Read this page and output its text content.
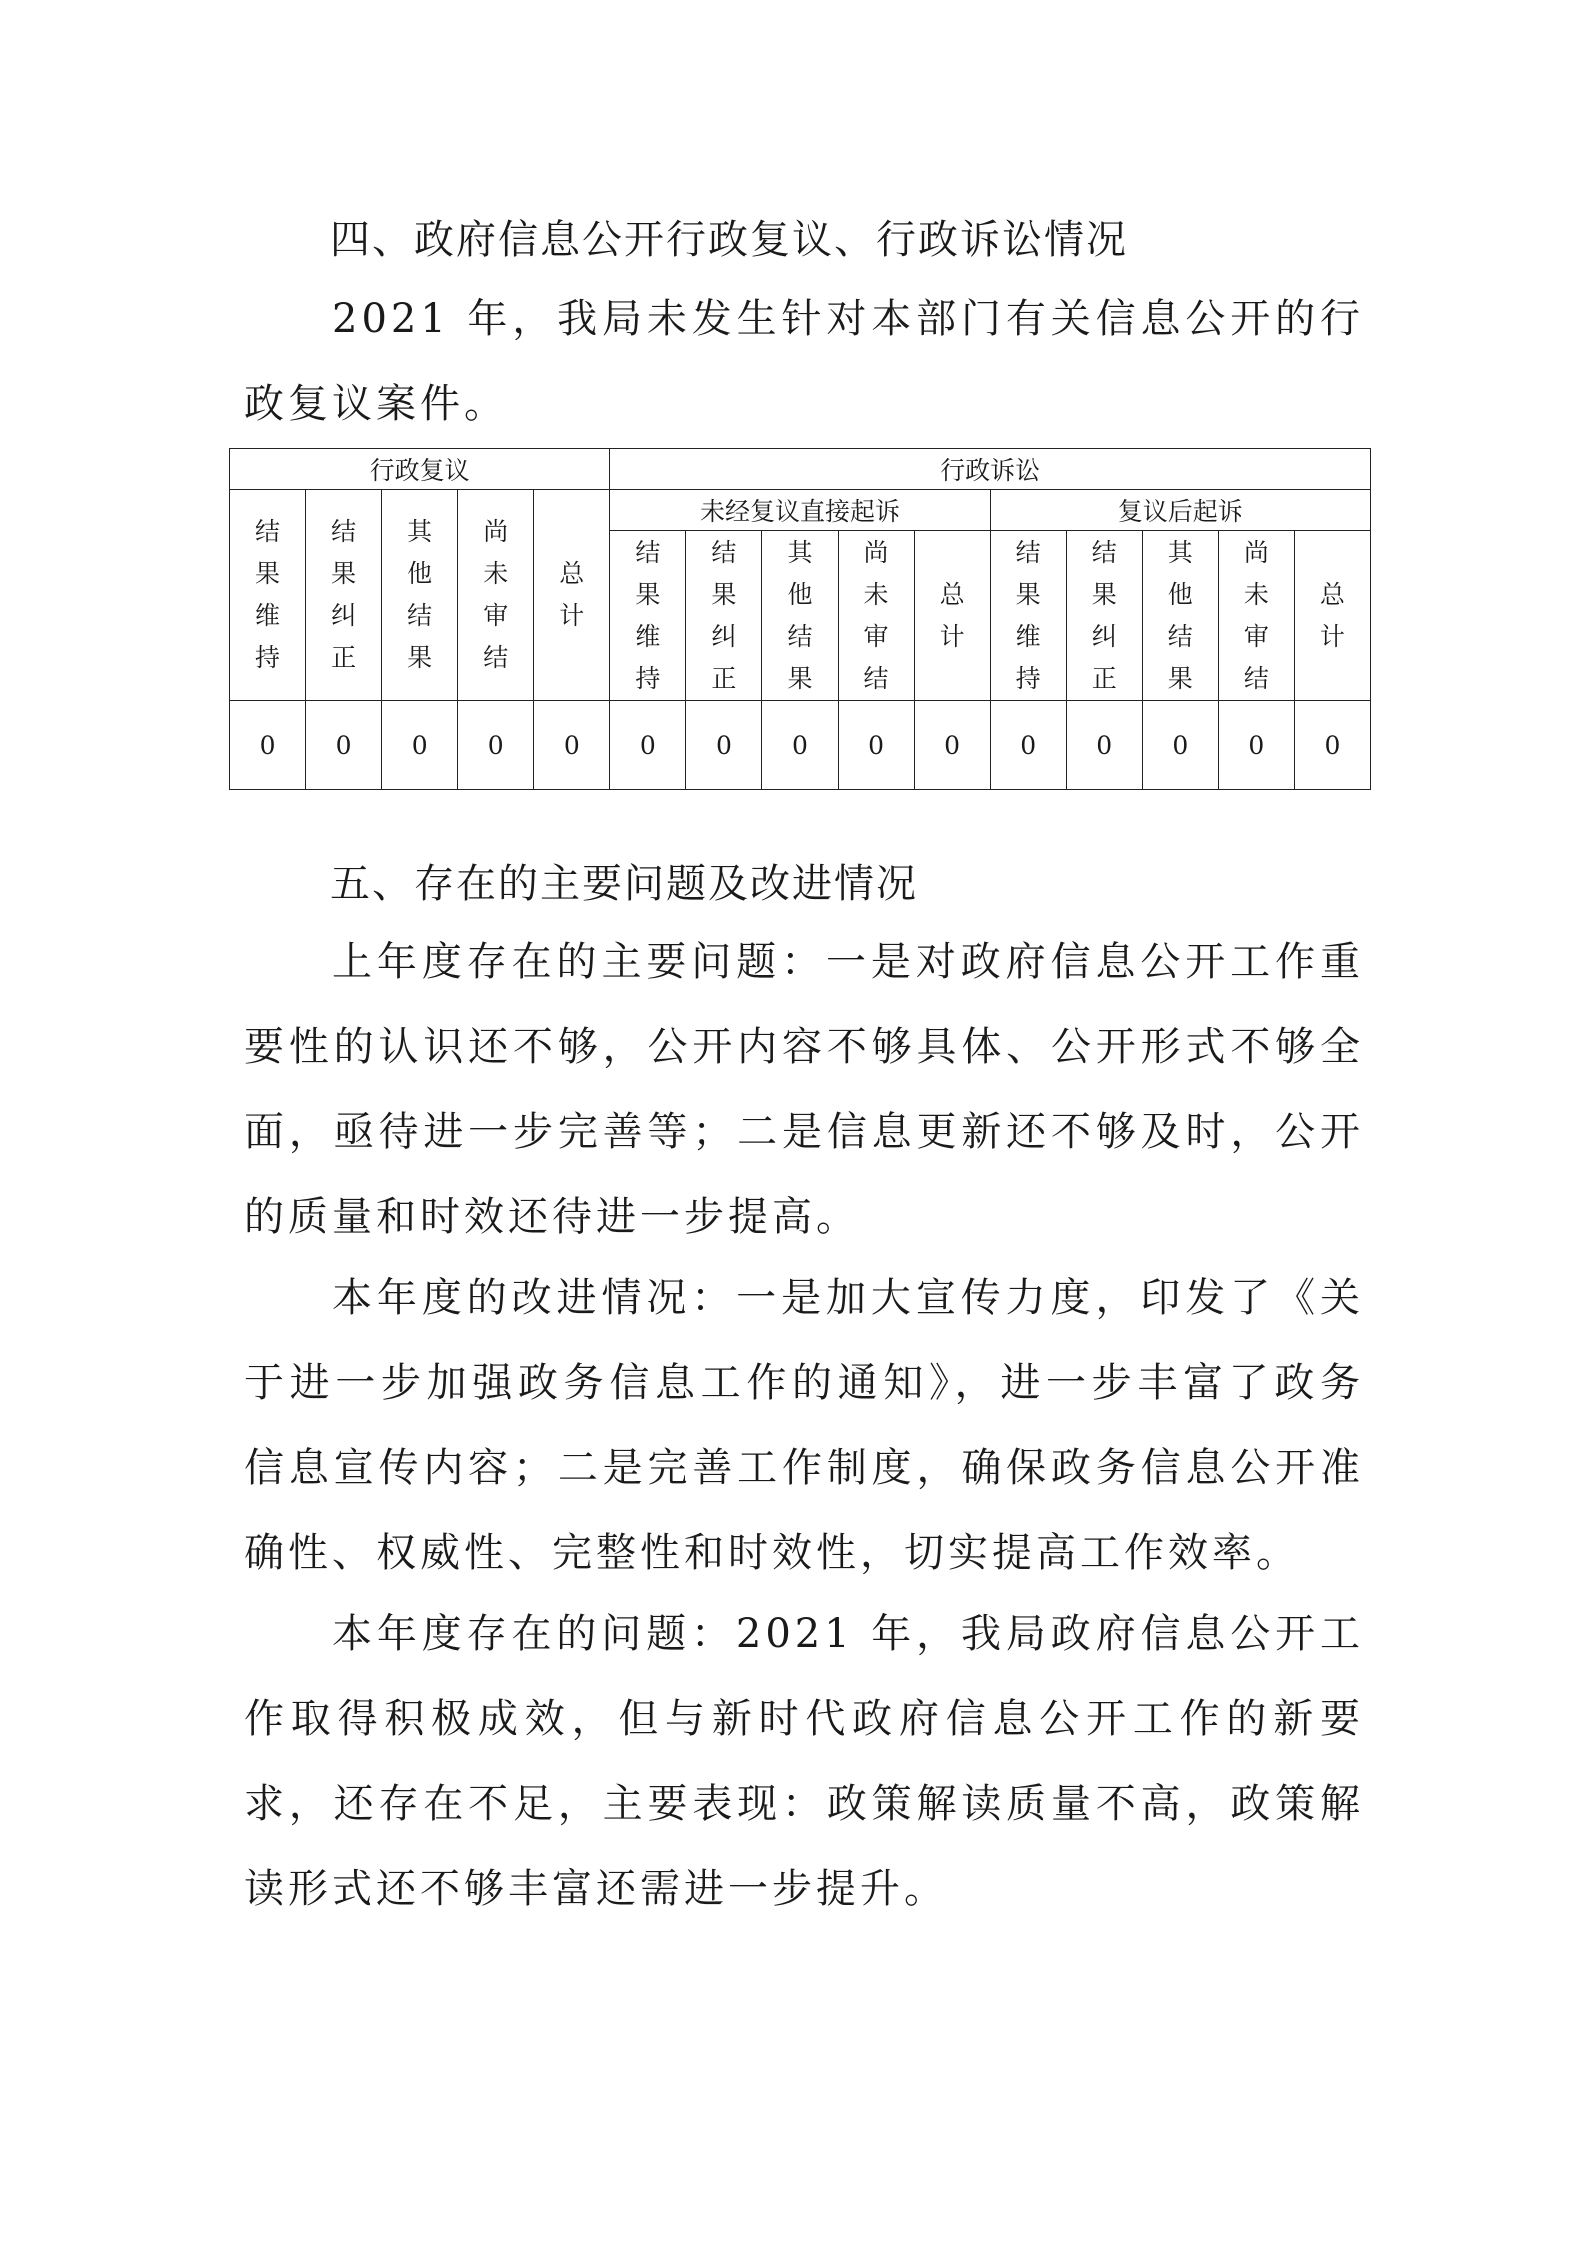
四、政府信息公开行政复议、行政诉讼情况
2021 年，我局未发生针对本部门有关信息公开的行政复议案件。
行政复议					行政诉讼									
结果维持	结果纠正	其他结果	尚未审结	总计	未经复议直接起诉					复议后起诉				
					结果维持	结果纠正	其他结果	尚未审结	总计	结果维持	结果纠正	其他结果	尚未审结	总计
0	0	0	0	0	0	0	0	0	0	0	0	0	0	0
五、存在的主要问题及改进情况
上年度存在的主要问题：一是对政府信息公开工作重要性的认识还不够，公开内容不够具体、公开形式不够全面，亟待进一步完善等；二是信息更新还不够及时，公开的质量和时效还待进一步提高。
本年度的改进情况：一是加大宣传力度，印发了《关于进一步加强政务信息工作的通知》，进一步丰富了政务信息宣传内容；二是完善工作制度，确保政务信息公开准确性、权威性、完整性和时效性，切实提高工作效率。
本年度存在的问题：2021 年，我局政府信息公开工作取得积极成效，但与新时代政府信息公开工作的新要求，还存在不足，主要表现：政策解读质量不高，政策解读形式还不够丰富还需进一步提升。
